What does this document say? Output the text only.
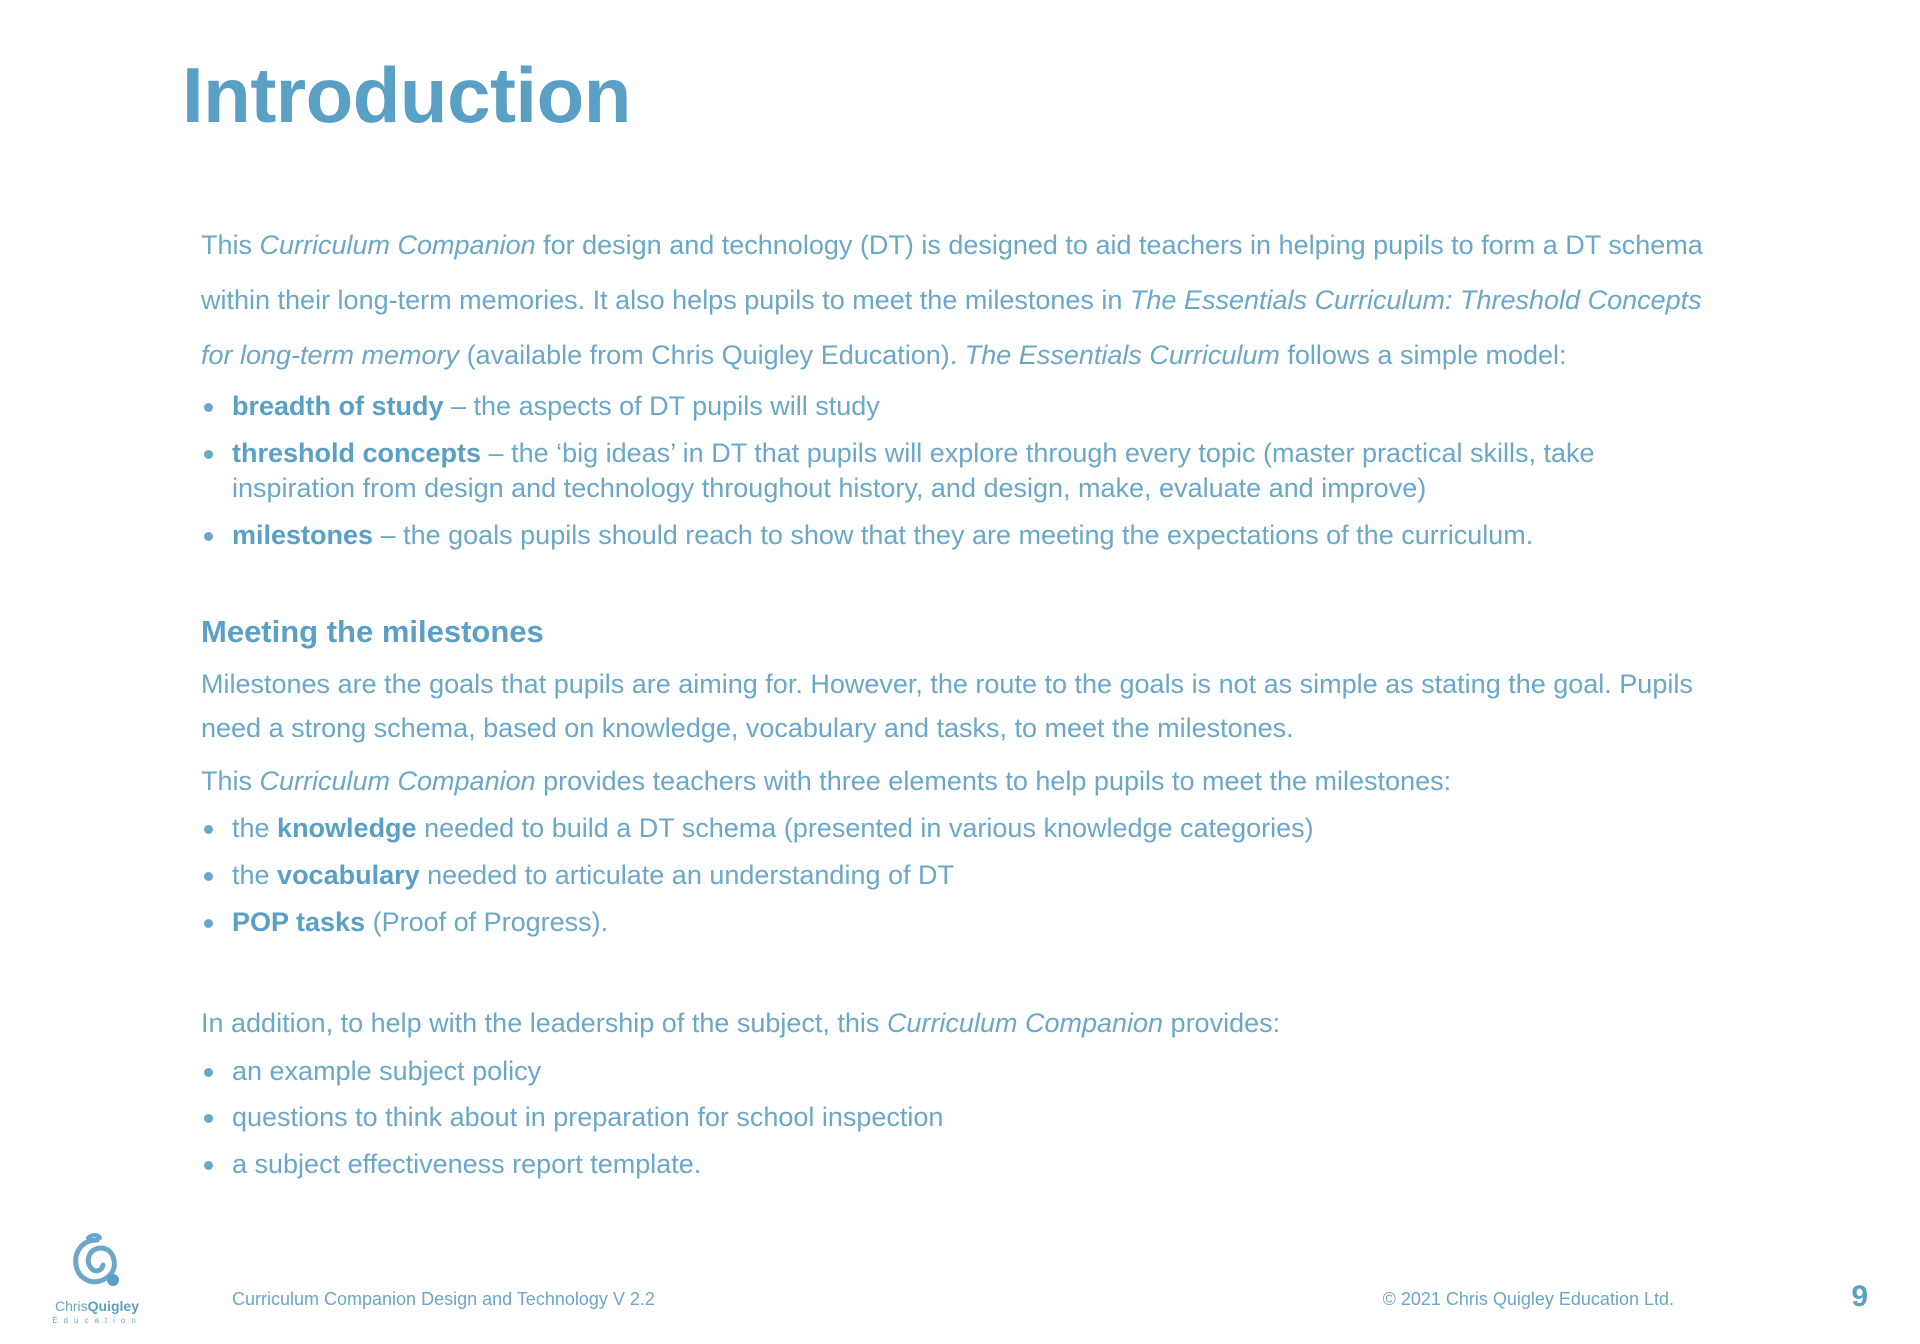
Introduction

This Curriculum Companion for design and technology (DT) is designed to aid teachers in helping pupils to form a DT schema within their long-term memories. It also helps pupils to meet the milestones in The Essentials Curriculum: Threshold Concepts for long-term memory (available from Chris Quigley Education). The Essentials Curriculum follows a simple model:

breadth of study – the aspects of DT pupils will study
threshold concepts – the ‘big ideas’ in DT that pupils will explore through every topic (master practical skills, take inspiration from design and technology throughout history, and design, make, evaluate and improve)
milestones – the goals pupils should reach to show that they are meeting the expectations of the curriculum.
Meeting the milestones

Milestones are the goals that pupils are aiming for. However, the route to the goals is not as simple as stating the goal. Pupils need a strong schema, based on knowledge, vocabulary and tasks, to meet the milestones.

This Curriculum Companion provides teachers with three elements to help pupils to meet the milestones:

the knowledge needed to build a DT schema (presented in various knowledge categories)
the vocabulary needed to articulate an understanding of DT
POP tasks (Proof of Progress).

In addition, to help with the leadership of the subject, this Curriculum Companion provides:

an example subject policy
questions to think about in preparation for school inspection
a subject effectiveness report template.
ChrisQuigley
Education
Curriculum Companion Design and Technology V 2.2	© 2021 Chris Quigley Education Ltd.	9
